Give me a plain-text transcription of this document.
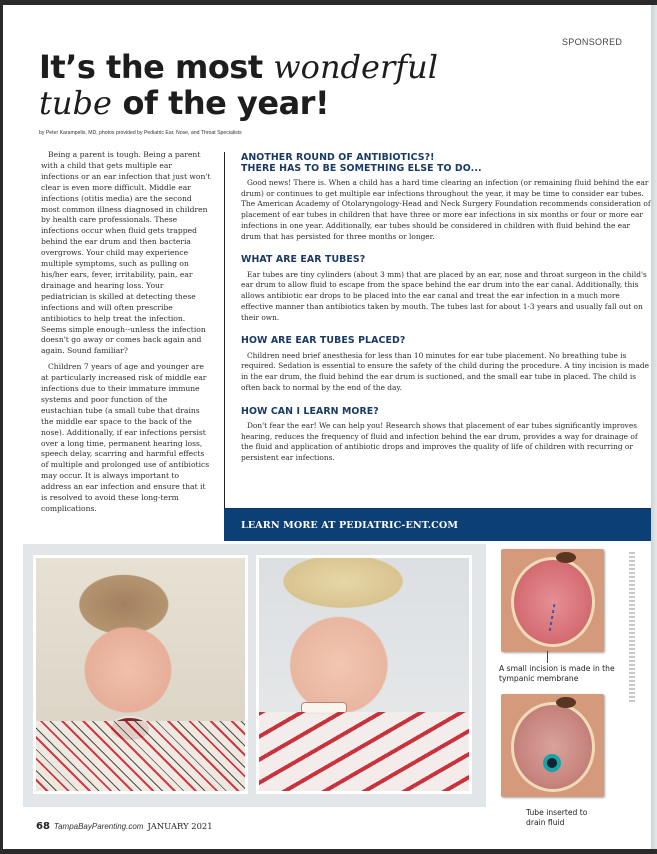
SPONSORED
It’s the most wonderful
tube of the year!
by Peter Karampelis, MD, photos provided by Pediatric Ear, Nose, and Throat Specialists

Being a parent is tough. Being a parent with a child that gets multiple ear infections or an ear infection that just won't clear is even more difficult. Middle ear infections (otitis media) are the second most common illness diagnosed in children by health care professionals. These infections occur when fluid gets trapped behind the ear drum and then bacteria overgrows. Your child may experience multiple symptoms, such as pulling on his/her ears, fever, irritability, pain, ear drainage and hearing loss. Your pediatrician is skilled at detecting these infections and will often prescribe antibiotics to help treat the infection. Seems simple enough--unless the infection doesn't go away or comes back again and again. Sound familiar?

Children 7 years of age and younger are at particularly increased risk of middle ear infections due to their immature immune systems and poor function of the eustachian tube (a small tube that drains the middle ear space to the back of the nose). Additionally, if ear infections persist over a long time, permanent hearing loss, speech delay, scarring and harmful effects of multiple and prolonged use of antibiotics may occur. It is always important to address an ear infection and ensure that it is resolved to avoid these long-term complications.

ANOTHER ROUND OF ANTIBIOTICS?!
THERE HAS TO BE SOMETHING ELSE TO DO...

Good news! There is. When a child has a hard time clearing an infection (or remaining fluid behind the ear drum) or continues to get multiple ear infections throughout the year, it may be time to consider ear tubes. The American Academy of Otolaryngology-Head and Neck Surgery Foundation recommends consideration of placement of ear tubes in children that have three or more ear infections in six months or four or more ear infections in one year. Additionally, ear tubes should be considered in children with fluid behind the ear drum that has persisted for three months or longer.

WHAT ARE EAR TUBES?

Ear tubes are tiny cylinders (about 3 mm) that are placed by an ear, nose and throat surgeon in the child's ear drum to allow fluid to escape from the space behind the ear drum into the ear canal. Additionally, this allows antibiotic ear drops to be placed into the ear canal and treat the ear infection in a much more effective manner than antibiotics taken by mouth. The tubes last for about 1-3 years and usually fall out on their own.

HOW ARE EAR TUBES PLACED?

Children need brief anesthesia for less than 10 minutes for ear tube placement. No breathing tube is required. Sedation is essential to ensure the safety of the child during the procedure. A tiny incision is made in the ear drum, the fluid behind the ear drum is suctioned, and the small ear tube in placed. The child is often back to normal by the end of the day.

HOW CAN I LEARN MORE?

Don't fear the ear! We can help you! Research shows that placement of ear tubes significantly improves hearing, reduces the frequency of fluid and infection behind the ear drum, provides a way for drainage of the fluid and application of antibiotic drops and improves the quality of life of children with recurring or persistent ear infections.

LEARN MORE AT PEDIATRIC-ENT.COM
A small incision is made in the tympanic membrane
Tube inserted to drain fluid
68 TampaBayParenting.com JANUARY 2021
